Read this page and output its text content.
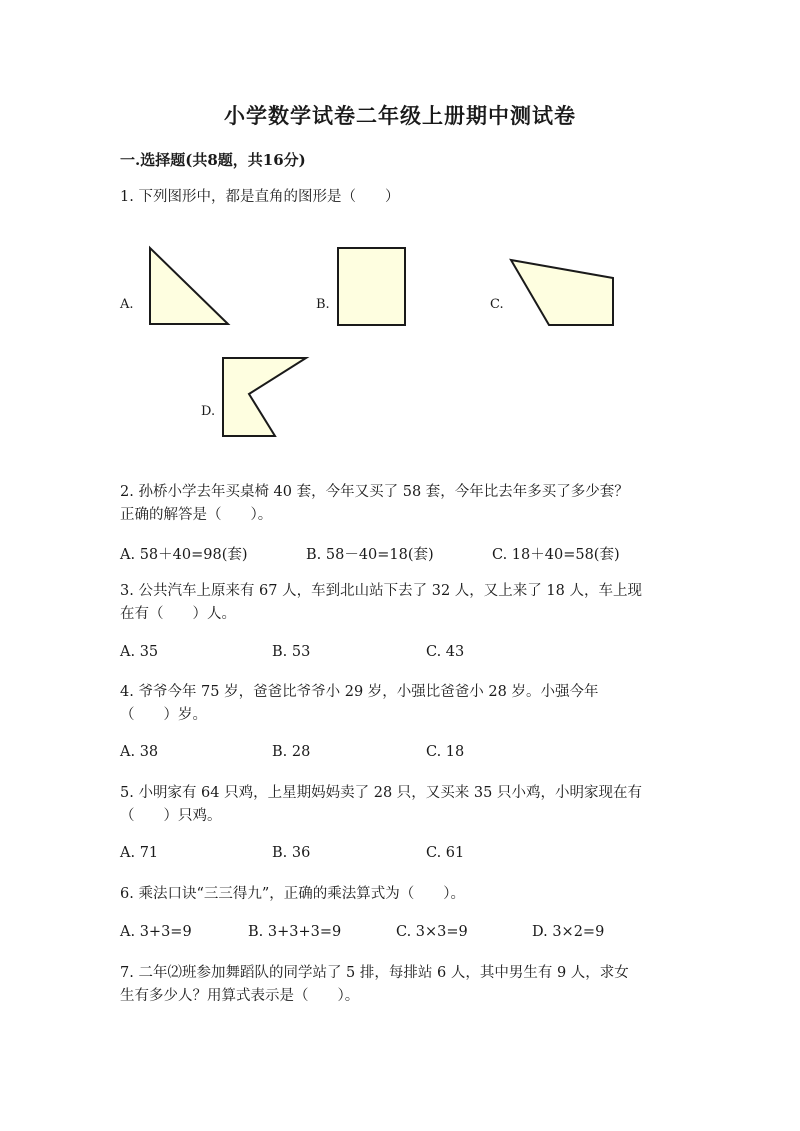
小学数学试卷二年级上册期中测试卷
一.选择题(共8题，共16分)
1. 下列图形中，都是直角的图形是（　　）
A.	B.	C.
D.
2. 孙桥小学去年买桌椅 40 套，今年又买了 58 套，今年比去年多买了多少套？
正确的解答是（　　）。
A. 58＋40=98(套)	B. 58－40=18(套)	C. 18＋40=58(套)
3. 公共汽车上原来有 67 人，车到北山站下去了 32 人，又上来了 18 人，车上现
在有（　　）人。
A. 35	B. 53	C. 43
4. 爷爷今年 75 岁，爸爸比爷爷小 29 岁，小强比爸爸小 28 岁。小强今年
（　　）岁。
A. 38	B. 28	C. 18
5. 小明家有 64 只鸡，上星期妈妈卖了 28 只，又买来 35 只小鸡，小明家现在有
（　　）只鸡。
A. 71	B. 36	C. 61
6. 乘法口诀“三三得九”，正确的乘法算式为（　　）。
A. 3+3=9	B. 3+3+3=9	C. 3×3=9	D. 3×2=9
7. 二年⑵班参加舞蹈队的同学站了 5 排，每排站 6 人，其中男生有 9 人，求女
生有多少人？用算式表示是（　　）。
